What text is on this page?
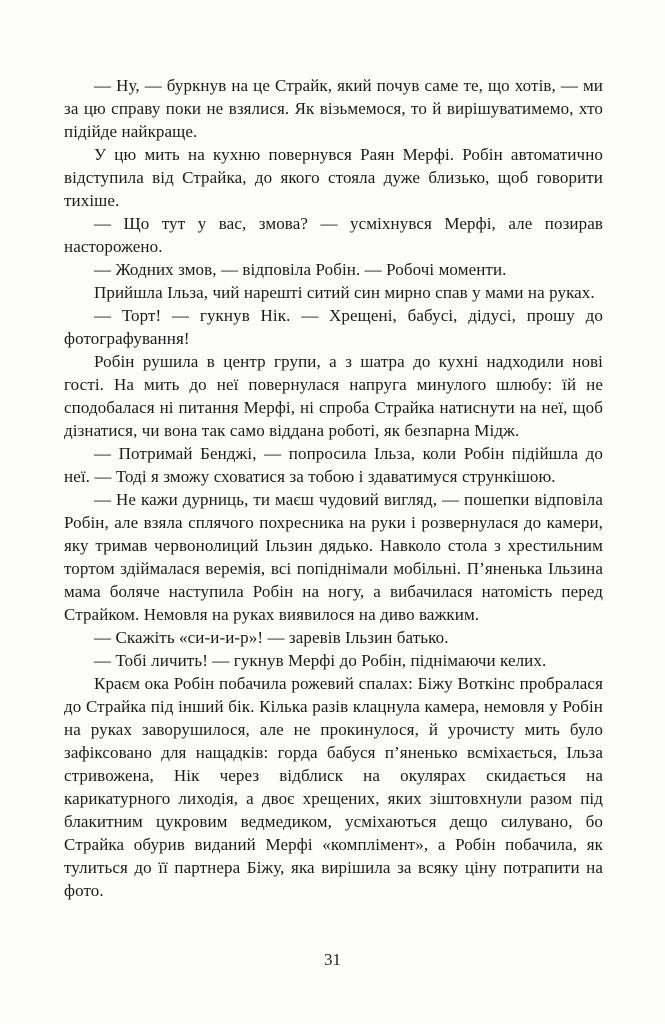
— Ну, — буркнув на це Страйк, який почув саме те, що хотів, — ми за цю справу поки не взялися. Як візьмемося, то й вирішуватимемо, хто підійде найкраще.

У цю мить на кухню повернувся Раян Мерфі. Робін автоматично відступила від Страйка, до якого стояла дуже близько, щоб говорити тихіше.

— Що тут у вас, змова? — усміхнувся Мерфі, але позирав насторожено.

— Жодних змов, — відповіла Робін. — Робочі моменти.

Прийшла Ільза, чий нарешті ситий син мирно спав у мами на руках.

— Торт! — гукнув Нік. — Хрещені, бабусі, дідусі, прошу до фотографування!

Робін рушила в центр групи, а з шатра до кухні надходили нові гості. На мить до неї повернулася напруга минулого шлюбу: їй не сподобалася ні питання Мерфі, ні спроба Страйка натиснути на неї, щоб дізнатися, чи вона так само віддана роботі, як безпарна Мідж.

— Потримай Бенджі, — попросила Ільза, коли Робін підійшла до неї. — Тоді я зможу сховатися за тобою і здаватимуся стрункішою.

— Не кажи дурниць, ти маєш чудовий вигляд, — пошепки відповіла Робін, але взяла сплячого похресника на руки і розвернулася до камери, яку тримав червонолиций Ільзин дядько. Навколо стола з хрестильним тортом здіймалася веремія, всі попіднімали мобільні. П’яненька Ільзина мама боляче наступила Робін на ногу, а вибачилася натомість перед Страйком. Немовля на руках виявилося на диво важким.

— Скажіть «си-и-и-р»! — заревів Ільзин батько.

— Тобі личить! — гукнув Мерфі до Робін, піднімаючи келих.

Краєм ока Робін побачила рожевий спалах: Біжу Воткінс пробралася до Страйка під інший бік. Кілька разів клацнула камера, немовля у Робін на руках заворушилося, але не прокинулося, й урочисту мить було зафіксовано для нащадків: горда бабуся п’яненько всміхається, Ільза стривожена, Нік через відблиск на окулярах скидається на карикатурного лиходія, а двоє хрещених, яких зіштовхнули разом під блакитним цукровим ведмедиком, усміхаються дещо силувано, бо Страйка обурив виданий Мерфі «комплімент», а Робін побачила, як тулиться до її партнера Біжу, яка вирішила за всяку ціну потрапити на фото.

31
